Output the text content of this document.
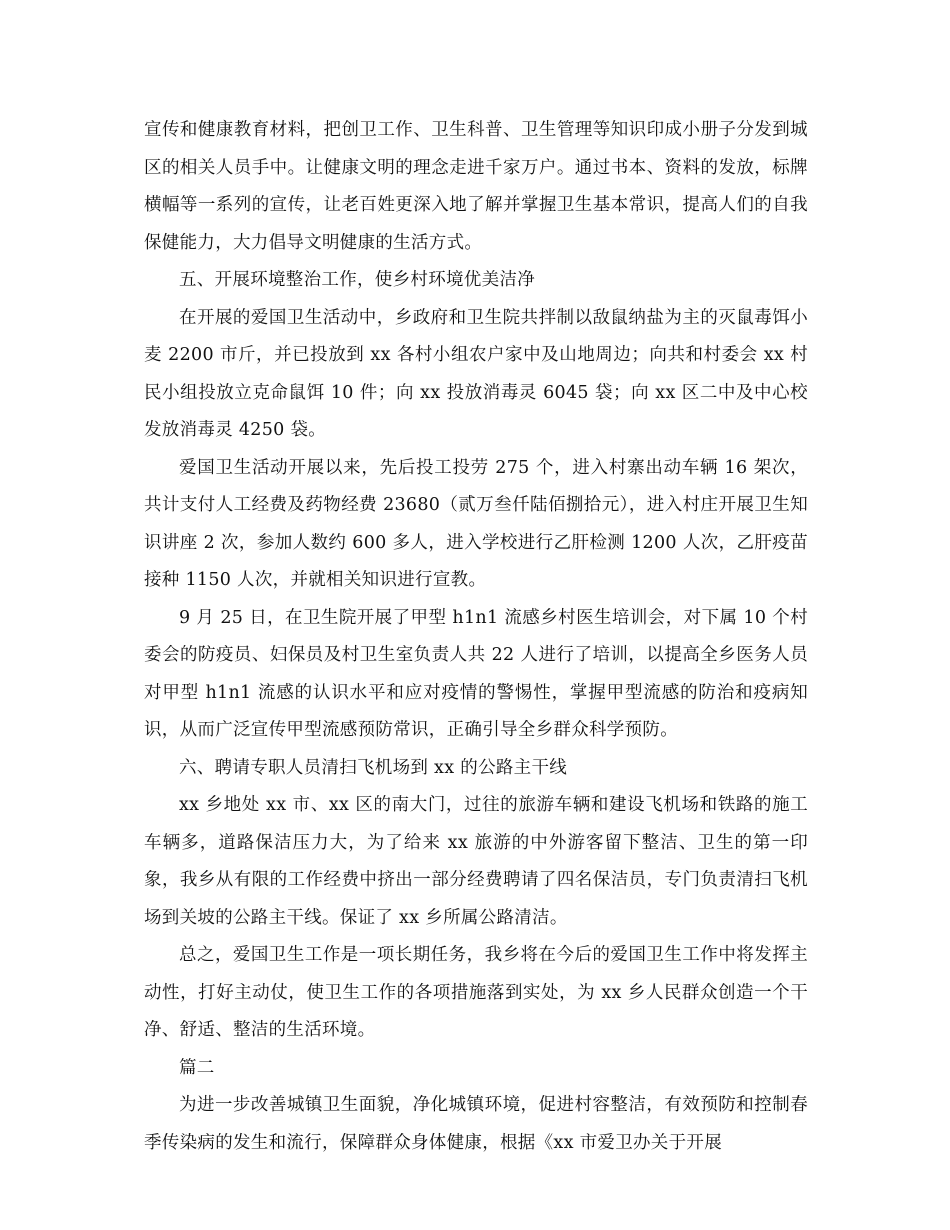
宣传和健康教育材料，把创卫工作、卫生科普、卫生管理等知识印成小册子分发到城区的相关人员手中。让健康文明的理念走进千家万户。通过书本、资料的发放，标牌横幅等一系列的宣传，让老百姓更深入地了解并掌握卫生基本常识，提高人们的自我保健能力，大力倡导文明健康的生活方式。

五、开展环境整治工作，使乡村环境优美洁净

在开展的爱国卫生活动中，乡政府和卫生院共拌制以敌鼠纳盐为主的灭鼠毒饵小麦 2200 市斤，并已投放到 xx 各村小组农户家中及山地周边；向共和村委会 xx 村民小组投放立克命鼠饵 10 件；向 xx 投放消毒灵 6045 袋；向 xx 区二中及中心校发放消毒灵 4250 袋。

爱国卫生活动开展以来，先后投工投劳 275 个，进入村寨出动车辆 16 架次，共计支付人工经费及药物经费 23680（贰万叁仟陆佰捌拾元），进入村庄开展卫生知识讲座 2 次，参加人数约 600 多人，进入学校进行乙肝检测 1200 人次，乙肝疫苗接种 1150 人次，并就相关知识进行宣教。

9 月 25 日，在卫生院开展了甲型 h1n1 流感乡村医生培训会，对下属 10 个村委会的防疫员、妇保员及村卫生室负责人共 22 人进行了培训，以提高全乡医务人员对甲型 h1n1 流感的认识水平和应对疫情的警惕性，掌握甲型流感的防治和疫病知识，从而广泛宣传甲型流感预防常识，正确引导全乡群众科学预防。

六、聘请专职人员清扫飞机场到 xx 的公路主干线

xx 乡地处 xx 市、xx 区的南大门，过往的旅游车辆和建设飞机场和铁路的施工车辆多，道路保洁压力大，为了给来 xx 旅游的中外游客留下整洁、卫生的第一印象，我乡从有限的工作经费中挤出一部分经费聘请了四名保洁员，专门负责清扫飞机场到关坡的公路主干线。保证了 xx 乡所属公路清洁。

总之，爱国卫生工作是一项长期任务，我乡将在今后的爱国卫生工作中将发挥主动性，打好主动仗，使卫生工作的各项措施落到实处，为 xx 乡人民群众创造一个干净、舒适、整洁的生活环境。

篇二

为进一步改善城镇卫生面貌，净化城镇环境，促进村容整洁，有效预防和控制春季传染病的发生和流行，保障群众身体健康，根据《xx 市爱卫办关于开展
